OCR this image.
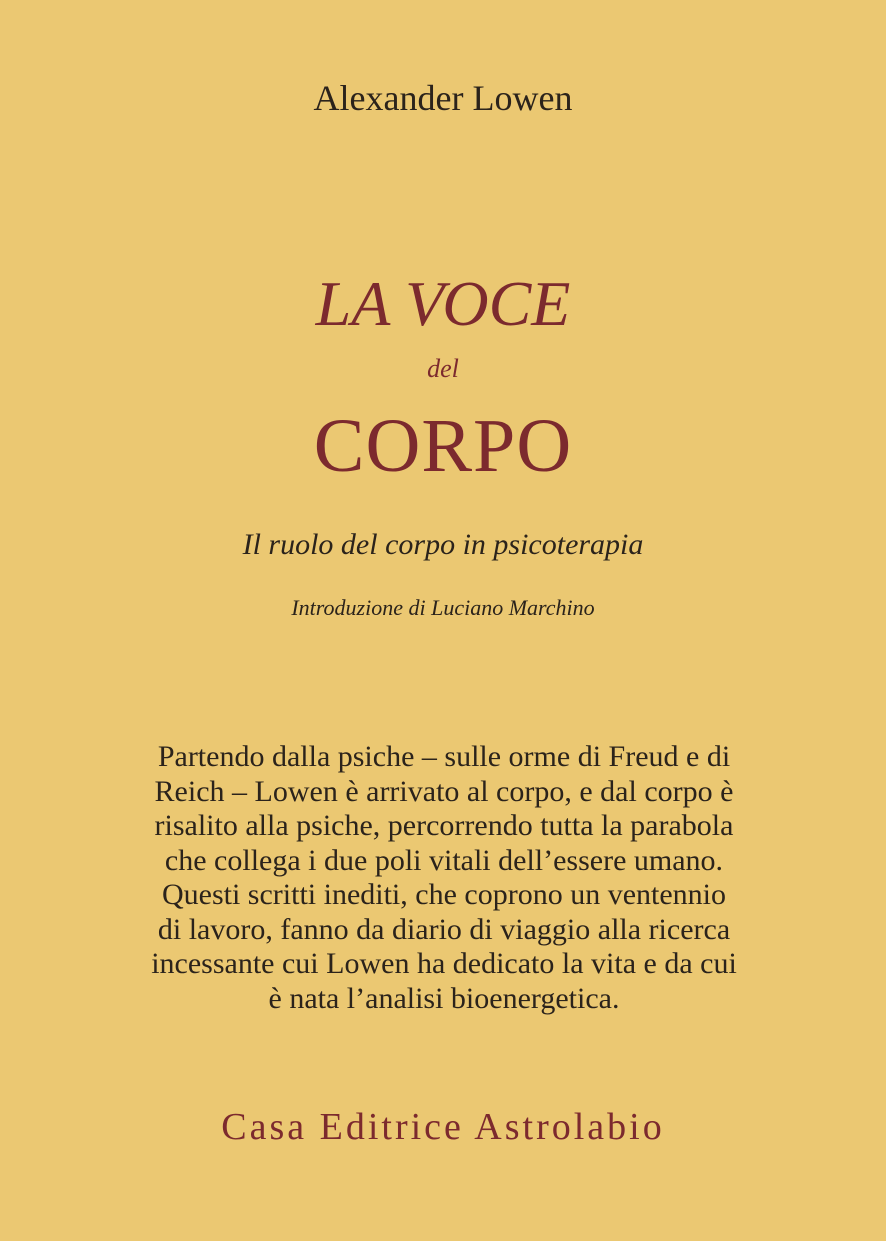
Alexander Lowen
LA VOCE
del
CORPO
Il ruolo del corpo in psicoterapia
Introduzione di Luciano Marchino
Partendo dalla psiche – sulle orme di Freud e di
Reich – Lowen è arrivato al corpo, e dal corpo è
risalito alla psiche, percorrendo tutta la parabola
che collega i due poli vitali dell’essere umano.
Questi scritti inediti, che coprono un ventennio
di lavoro, fanno da diario di viaggio alla ricerca
incessante cui Lowen ha dedicato la vita e da cui
è nata l’analisi bioenergetica.
Casa Editrice Astrolabio
